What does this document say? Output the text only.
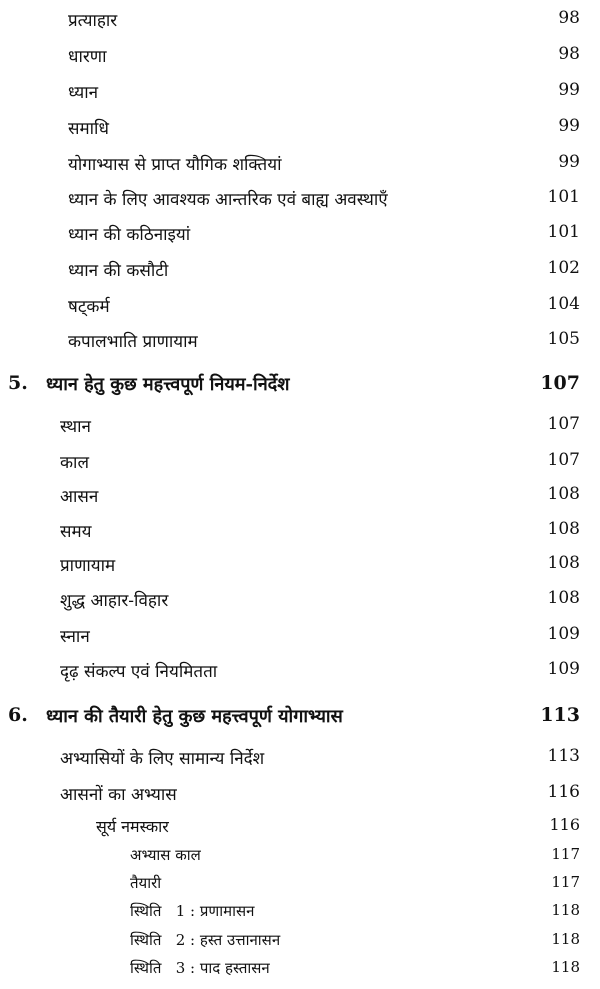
प्रत्याहार	98
धारणा	98
ध्यान	99
समाधि	99
योगाभ्यास से प्राप्त यौगिक शक्तियां	99
ध्यान के लिए आवश्यक आन्तरिक एवं बाह्य अवस्थाएँ	101
ध्यान की कठिनाइयां	101
ध्यान की कसौटी	102
षट्कर्म	104
कपालभाति प्राणायाम	105
5.	ध्यान हेतु कुछ महत्त्वपूर्ण नियम-निर्देश	107
स्थान	107
काल	107
आसन	108
समय	108
प्राणायाम	108
शुद्ध आहार-विहार	108
स्नान	109
दृढ़ संकल्प एवं नियमितता	109
6.	ध्यान की तैयारी हेतु कुछ महत्त्वपूर्ण योगाभ्यास	113
अभ्यासियों के लिए सामान्य निर्देश	113
आसनों का अभ्यास	116
सूर्य नमस्कार	116
अभ्यास काल	117
तैयारी	117
स्थिति   1 : प्रणामासन	118
स्थिति   2 : हस्त उत्तानासन	118
स्थिति   3 : पाद हस्तासन	118
